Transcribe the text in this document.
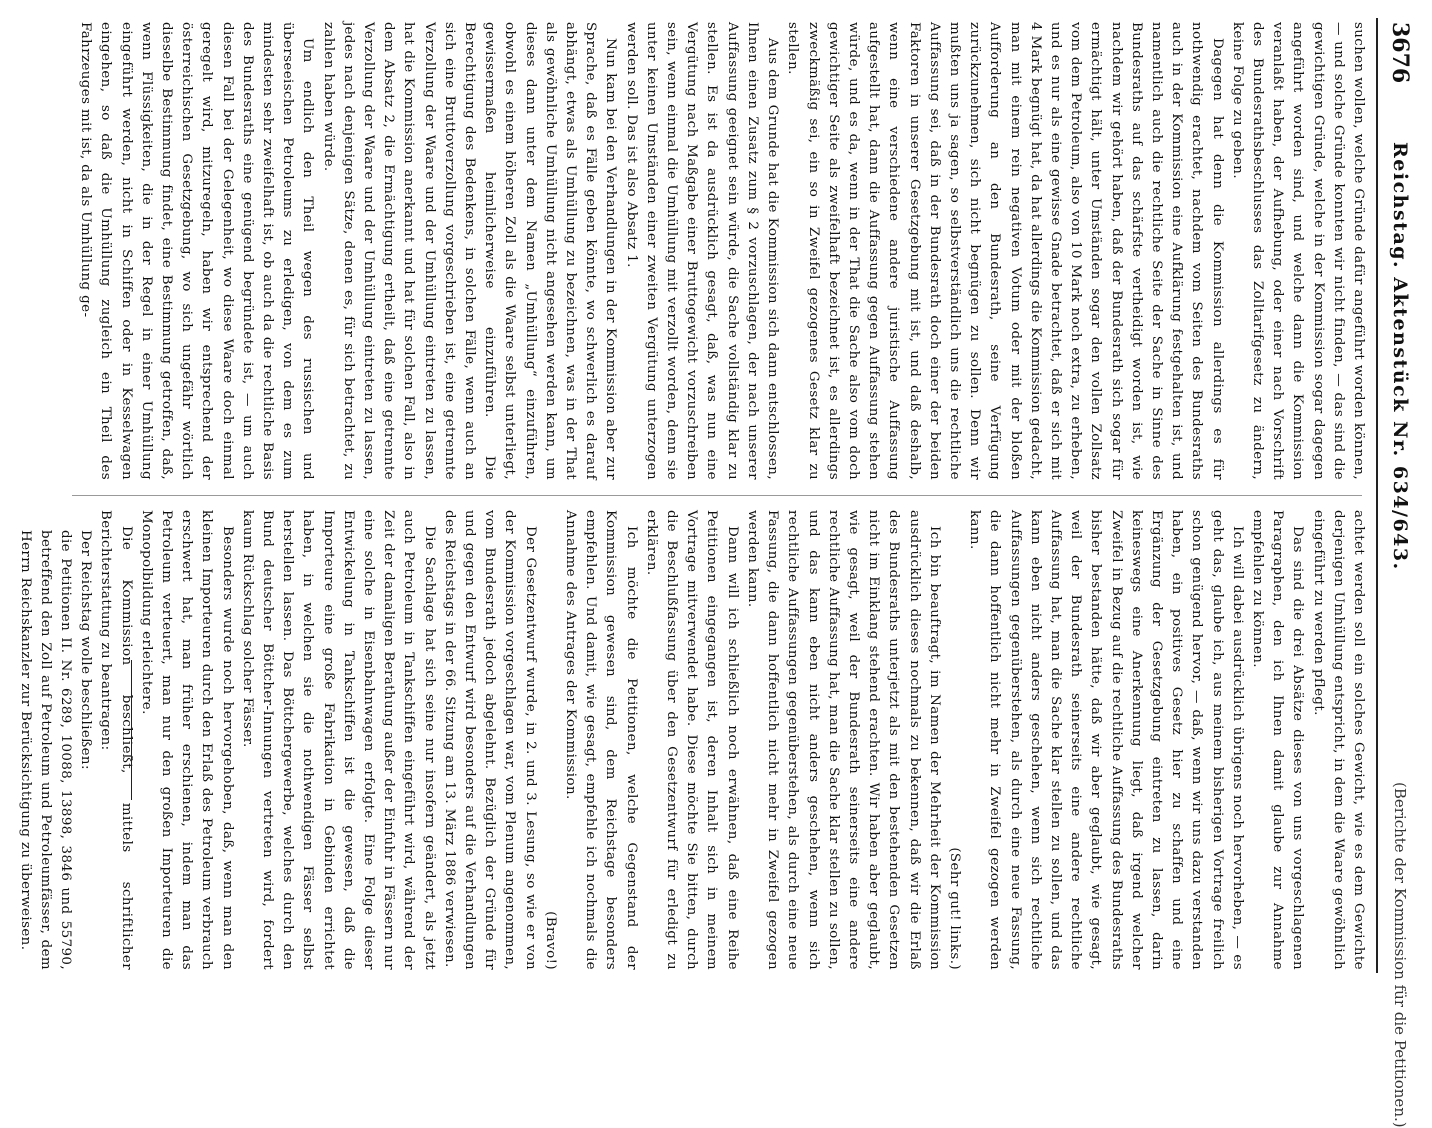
3676
Reichstag. Aktenstück Nr. 634/643.
(Berichte der Kommission für die Petitionen.)

suchen wollen, welche Gründe dafür angeführt worden können, — und solche Gründe konnten wir nicht finden, — das sind die gewichtigen Gründe, welche in der Kommission sogar dagegen angeführt worden sind, und welche dann die Kommission veranlaßt haben, der Aufhebung, oder einer nach Vorschrift des Bundesrathsbeschlusses das Zolltarifgesetz zu ändern, keine Folge zu geben.

Dagegen hat denn die Kommission allerdings es für nothwendig erachtet, nachdem vom Seiten des Bundesraths auch in der Kommission eine Aufklärung festgehalten ist, und namentlich auch die rechtliche Seite der Sache in Sinne des Bundesraths auf das schärfste vertheidigt worden ist, wie nachdem wir gehört haben, daß der Bundesrath sich sogar für ermächtigt hält, unter Umständen sogar den vollen Zollsatz vom dem Petroleum, also von 10 Mark noch extra, zu erheben, und es nur als eine gewisse Gnade betrachtet, daß er sich mit 4 Mark begnügt hat, da hat allerdings die Kommission gedacht, man mit einem rein negativen Votum oder mit der bloßen Aufforderung an den Bundesrath, seine Verfügung zurückzunehmen, sich nicht begnügen zu sollen. Denn wir mußten uns ja sagen, so selbstverständlich uns die rechtliche Auffassung sei, daß in der Bundesrath doch einer der beiden Faktoren in unserer Gesetzgebung mit ist, und daß deshalb, wenn eine verschiedene andere juristische Auffassung aufgestellt hat, dann die Auffassung gegen Auffassung stehen würde, und es da, wenn in der That die Sache also vom doch gewichtiger Seite als zweifelhaft bezeichnet ist, es allerdings zweckmäßig sei, ein so in Zweifel gezogenes Gesetz klar zu stellen.

Aus dem Grunde hat die Kommission sich dann entschlossen, Ihnen einen Zusatz zum § 2 vorzuschlagen, der nach unserer Auffassung geeignet sein würde, die Sache vollständig klar zu stellen. Es ist da ausdrücklich gesagt, daß, was nun eine Vergütung nach Maßgabe einer Bruttogewicht vorzuschreiben sein, wenn einmal die Umhüllung mit verzollt worden, denn sie unter keinen Umständen einer zweiten Vergütung unterzogen werden soll. Das ist also Absatz 1.

Nun kam bei den Verhandlungen in der Kommission aber zur Sprache, daß es Fälle geben könnte, wo schwerlich es darauf abhängt, etwas als Umhüllung zu bezeichnen, was in der That als gewöhnliche Umhüllung nicht angesehen werden kann, um dieses dann unter dem Namen „Umhüllung“ einzuführen, obwohl es einem höheren Zoll als die Waare selbst unterliegt, gewissermaßen heimlicherweise einzuführen. Die Berechtigung des Bedenkens, in solchen Fälle, wenn auch an sich eine Bruttoverzollung vorgeschrieben ist, eine getrennte Verzollung der Waare und der Umhüllung eintreten zu lassen, hat die Kommission anerkannt und hat für solchen Fall, also in dem Absatz 2, die Ermächtigung ertheilt, daß eine getrennte Verzollung der Waare und der Umhüllung eintreten zu lassen, jedes nach denjenigen Sätze, denen es, für sich betrachtet, zu zahlen haben würde.

Um endlich den Theil wegen des russischen und überseeischen Petroleums zu erledigen, von dem es zum mindesten sehr zweifelhaft ist, ob auch da die rechtliche Basis des Bundesraths eine genügend begründete ist, — um auch diesen Fall bei der Gelegenheit, wo diese Waare doch einmal geregelt wird, mitzuregeln, haben wir entsprechend der österreichischen Gesetzgebung, wo sich ungefähr wörtlich dieselbe Bestimmung findet, eine Bestimmung getroffen, daß, wenn Flüssigkeiten, die in der Regel in einer Umhüllung eingeführt werden, nicht in Schiffen oder in Kesselwagen eingehen, so daß die Umhüllung zugleich ein Theil des Fahrzeuges mit ist, da als Umhüllung ge-

achtet werden soll ein solches Gewicht, wie es dem Gewichte derjenigen Umhüllung entspricht, in dem die Waare gewöhnlich eingeführt zu werden pflegt.

Das sind die drei Absätze dieses von uns vorgeschlagenen Paragraphen, den ich Ihnen damit glaube zur Annahme empfehlen zu können.

Ich will dabei ausdrücklich übrigens noch hervorheben, — es geht das, glaube ich, aus meinem bisherigen Vortrage freilich schon genügend hervor, — daß, wenn wir uns dazu verstanden haben, ein positives Gesetz hier zu schaffen und eine Ergänzung der Gesetzgebung eintreten zu lassen, darin keineswegs eine Anerkennung liegt, daß irgend welcher Zweifel in Bezug auf die rechtliche Auffassung des Bundesraths bisher bestanden hätte, daß wir aber geglaubt, wie gesagt, weil der Bundesrath seinerseits eine andere rechtliche Auffassung hat, man die Sache klar stellen zu sollen, und das kann eben nicht anders geschehen, wenn sich rechtliche Auffassungen gegenüberstehen, als durch eine neue Fassung, die dann hoffentlich nicht mehr in Zweifel gezogen werden kann.

(Sehr gut! links.)

Ich bin beauftragt, im Namen der Mehrheit der Kommission ausdrücklich dieses nochmals zu bekennen, daß wir die Erlaß des Bundesraths unterjetzt als mit den bestehenden Gesetzen nicht im Einklang stehend erachten. Wir haben aber geglaubt, wie gesagt, weil der Bundesrath seinerseits eine andere rechtliche Auffassung hat, man die Sache klar stellen zu sollen, und das kann eben nicht anders geschehen, wenn sich rechtliche Auffassungen gegenüberstehen, als durch eine neue Fassung, die dann hoffentlich nicht mehr in Zweifel gezogen werden kann.

Dann will ich schließlich noch erwähnen, daß eine Reihe Petitionen eingegangen ist, deren Inhalt sich in meinem Vortrage mitverwendet habe. Diese möchte Sie bitten, durch die Beschlußfassung über den Gesetzentwurf für erledigt zu erklären.

Ich möchte die Petitionen, welche Gegenstand der Kommission gewesen sind, dem Reichstage besonders empfehlen. Und damit, wie gesagt, empfehle ich nochmals die Annahme des Antrages der Kommission.

(Bravo!)

Der Gesetzentwurf wurde, in 2. und 3. Lesung, so wie er von der Kommission vorgeschlagen war, vom Plenum angenommen, vom Bundesrath jedoch abgelehnt. Bezüglich der Gründe für und gegen den Entwurf wird besonders auf die Verhandlungen des Reichstags in der 66. Sitzung am 13. März 1886 verwiesen.

Die Sachlage hat sich seine nur insofern geändert, als jetzt auch Petroleum in Tankschiffen eingeführt wird, während der Zeit der damaligen Berathung außer der Einfuhr in Fässern nur eine solche in Eisenbahnwagen erfolgte. Eine Folge dieser Entwickelung in Tankschiffen ist die gewesen, daß die Importeure eine große Fabrikation in Gebinden errichtet haben, in welchen sie die nothwendigen Fässer selbst herstellen lassen. Das Böttchergewerbe, welches durch den Bund deutscher Böttcher-Innungen vertreten wird, fordert kaum Rückschlag solcher Fässer.

Besonders wurde noch hervorgehoben, daß, wenn man den kleinen Importeuren durch den Erlaß des Petroleum verbrauch erschwert hat, man früher erschienen, indem man das Petroleum verteuert, man nur den großen Importeuren die Monopolbildung erleichtere.

Die Kommission beschließt, mittels schriftlicher Berichterstattung zu beantragen:

Der Reichstag wolle beschließen:

die Petitionen II. Nr. 6289, 10088, 13898, 3846 und 55790, betreffend den Zoll auf Petroleum und Petroleumfässer, dem Herrn Reichskanzler zur Berücksichtigung zu überweisen.
